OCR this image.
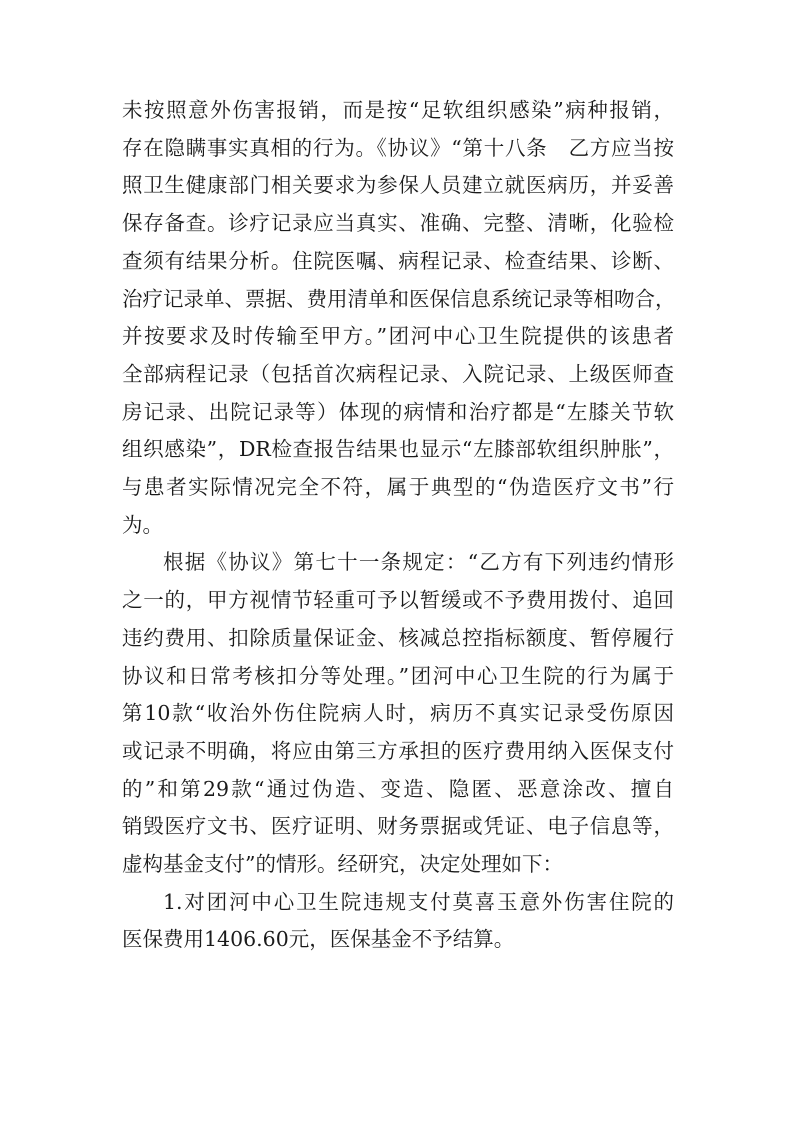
未按照意外伤害报销，而是按“足软组织感染”病种报销，
存在隐瞒事实真相的行为。《协议》“第十八条　乙方应当按
照卫生健康部门相关要求为参保人员建立就医病历，并妥善
保存备查。诊疗记录应当真实、准确、完整、清晰，化验检
查须有结果分析。住院医嘱、病程记录、检查结果、诊断、
治疗记录单、票据、费用清单和医保信息系统记录等相吻合，
并按要求及时传输至甲方。”团河中心卫生院提供的该患者
全部病程记录（包括首次病程记录、入院记录、上级医师查
房记录、出院记录等）体现的病情和治疗都是“左膝关节软
组织感染”，DR检查报告结果也显示“左膝部软组织肿胀”，
与患者实际情况完全不符，属于典型的“伪造医疗文书”行
为。
根据《协议》第七十一条规定：“乙方有下列违约情形
之一的，甲方视情节轻重可予以暂缓或不予费用拨付、追回
违约费用、扣除质量保证金、核减总控指标额度、暂停履行
协议和日常考核扣分等处理。”团河中心卫生院的行为属于
第10款“收治外伤住院病人时，病历不真实记录受伤原因
或记录不明确，将应由第三方承担的医疗费用纳入医保支付
的”和第29款“通过伪造、变造、隐匿、恶意涂改、擅自
销毁医疗文书、医疗证明、财务票据或凭证、电子信息等，
虚构基金支付”的情形。经研究，决定处理如下：
1.对团河中心卫生院违规支付莫喜玉意外伤害住院的
医保费用1406.60元，医保基金不予结算。
